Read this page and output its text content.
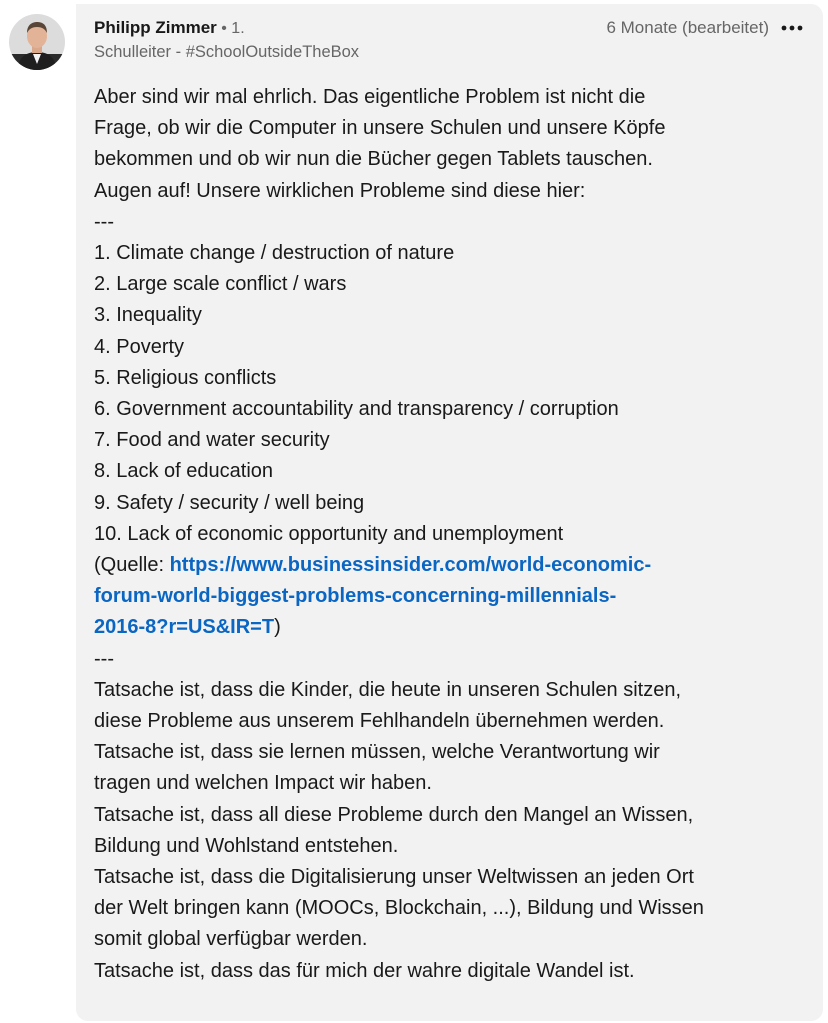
Philipp Zimmer • 1.	6 Monate (bearbeitet)
Schulleiter - #SchoolOutsideTheBox
Aber sind wir mal ehrlich. Das eigentliche Problem ist nicht die
Frage, ob wir die Computer in unsere Schulen und unsere Köpfe
bekommen und ob wir nun die Bücher gegen Tablets tauschen.
Augen auf! Unsere wirklichen Probleme sind diese hier:
---
1. Climate change / destruction of nature
2. Large scale conflict / wars
3. Inequality
4. Poverty
5. Religious conflicts
6. Government accountability and transparency / corruption
7. Food and water security
8. Lack of education
9. Safety / security / well being
10. Lack of economic opportunity and unemployment
(Quelle: https://www.businessinsider.com/world-economic-
forum-world-biggest-problems-concerning-millennials-
2016-8?r=US&IR=T)
---
Tatsache ist, dass die Kinder, die heute in unseren Schulen sitzen,
diese Probleme aus unserem Fehlhandeln übernehmen werden.
Tatsache ist, dass sie lernen müssen, welche Verantwortung wir
tragen und welchen Impact wir haben.
Tatsache ist, dass all diese Probleme durch den Mangel an Wissen,
Bildung und Wohlstand entstehen.
Tatsache ist, dass die Digitalisierung unser Weltwissen an jeden Ort
der Welt bringen kann (MOOCs, Blockchain, ...), Bildung und Wissen
somit global verfügbar werden.
Tatsache ist, dass das für mich der wahre digitale Wandel ist.
